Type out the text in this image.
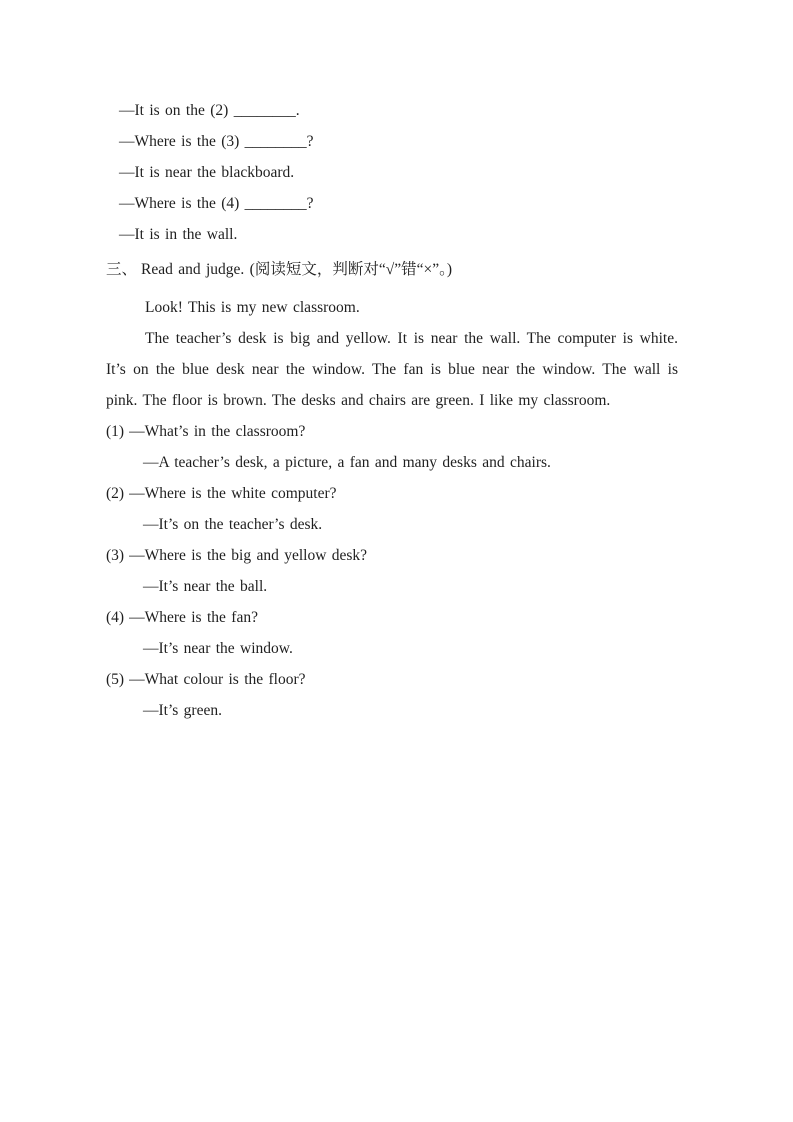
—It is on the (2) ________.
—Where is the (3) ________?
—It is near the blackboard.
—Where is the (4) ________?
—It is in the wall.
三、 Read and judge. (阅读短文，判断对“√”错“×”。)
Look! This is my new classroom.
The teacher’s desk is big and yellow. It is near the wall. The computer is white. It’s on the blue desk near the window. The fan is blue near the window. The wall is pink. The floor is brown. The desks and chairs are green. I like my classroom.
(1) —What’s in the classroom?
—A teacher’s desk, a picture, a fan and many desks and chairs.
(2) —Where is the white computer?
—It’s on the teacher’s desk.
(3) —Where is the big and yellow desk?
—It’s near the ball.
(4) —Where is the fan?
—It’s near the window.
(5) —What colour is the floor?
—It’s green.
